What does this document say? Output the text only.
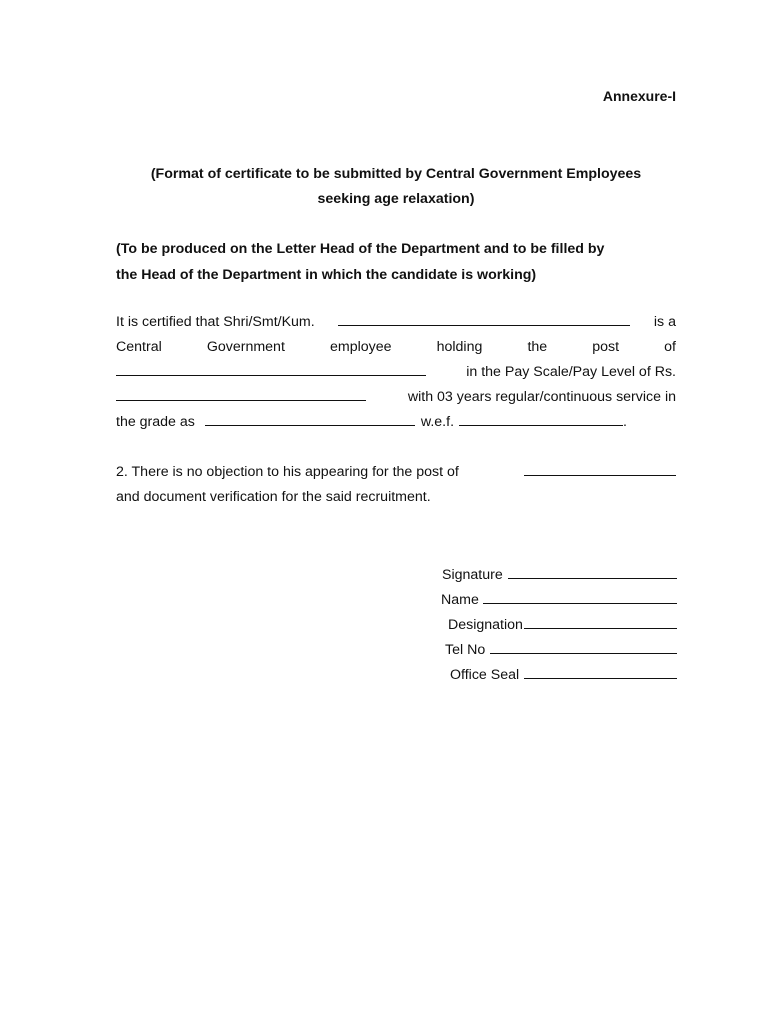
Annexure-I
(Format of certificate to be submitted by Central Government Employees
seeking age relaxation)
(To be produced on the Letter Head of the Department and to be filled by
the Head of the Department in which the candidate is working)
It is certified that Shri/Smt/Kum.	is a
Central	Government	employee	holding	the	post	of
in the Pay Scale/Pay Level of Rs.
with 03 years regular/continuous service in
the grade as	w.e.f.	.
2. There is no objection to his appearing for the post of
and document verification for the said recruitment.
Signature
Name
Designation
Tel No
Office Seal
